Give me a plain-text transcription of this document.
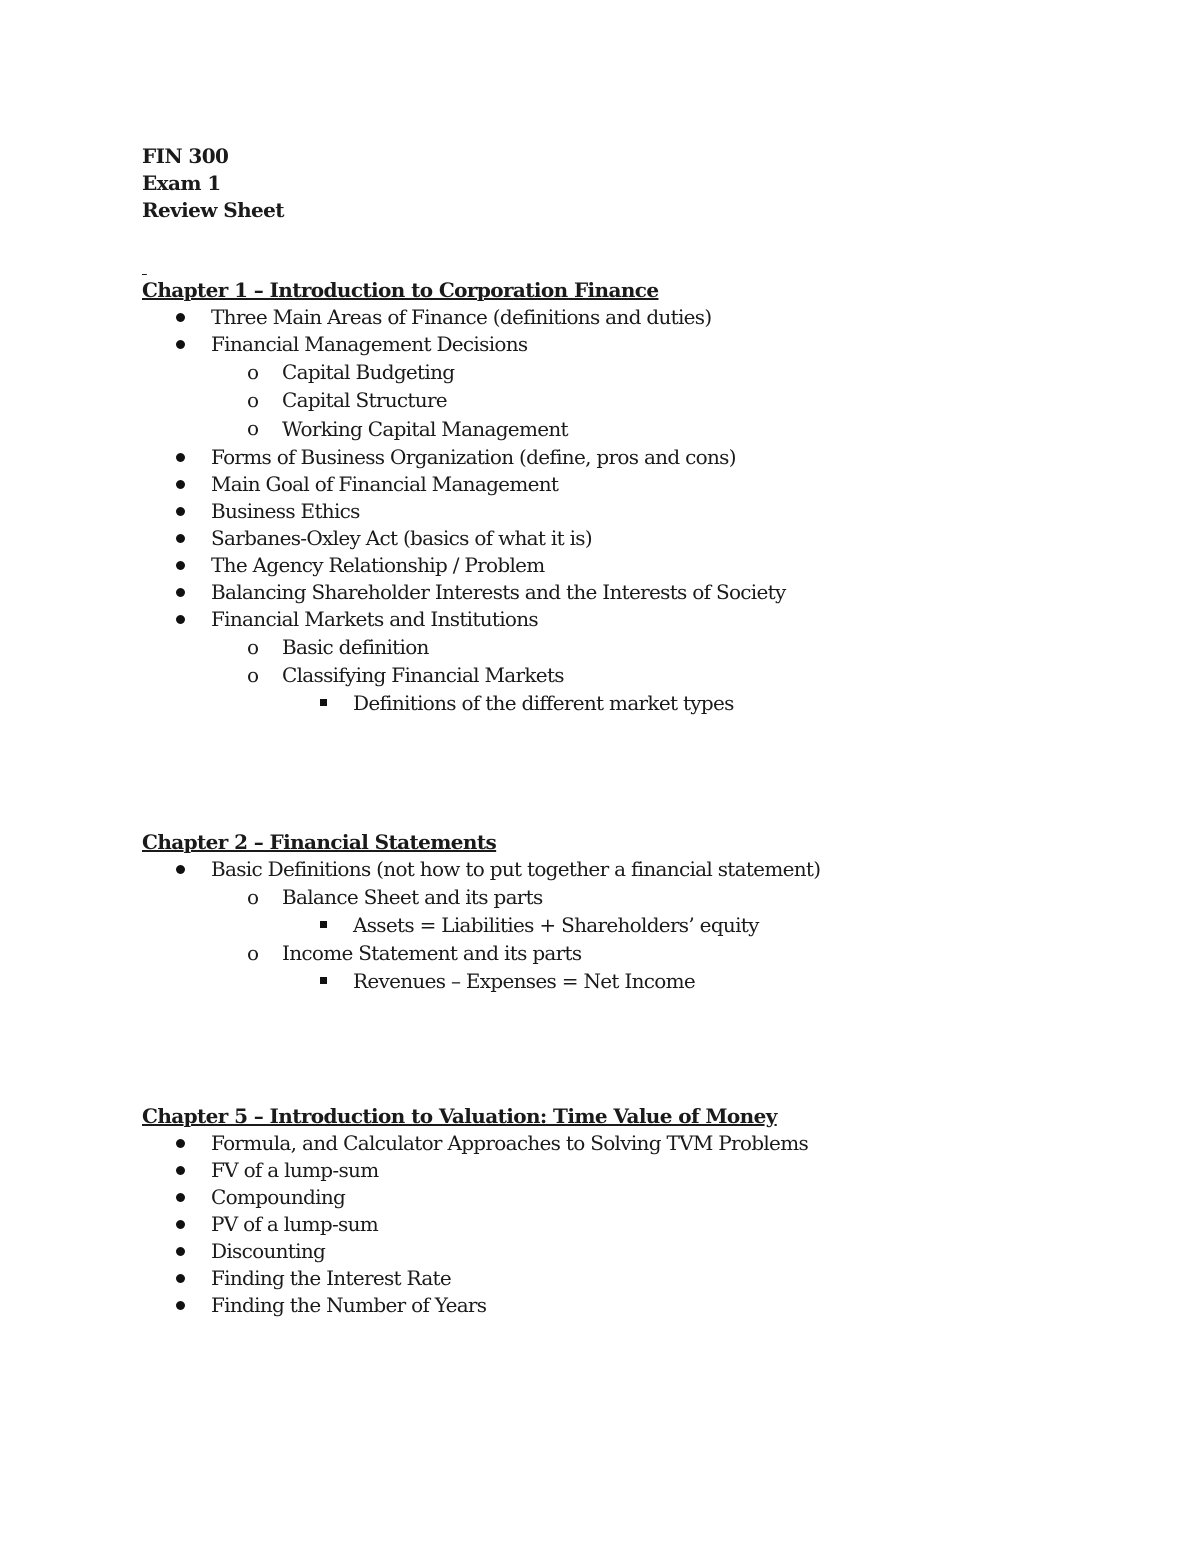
FIN 300
Exam 1
Review Sheet

Chapter 1 – Introduction to Corporation Finance
Three Main Areas of Finance (definitions and duties)
Financial Management Decisions
o Capital Budgeting
o Capital Structure
o Working Capital Management
Forms of Business Organization (define, pros and cons)
Main Goal of Financial Management
Business Ethics
Sarbanes-Oxley Act (basics of what it is)
The Agency Relationship / Problem
Balancing Shareholder Interests and the Interests of Society
Financial Markets and Institutions
o Basic definition
o Classifying Financial Markets
Definitions of the different market types
Chapter 2 – Financial Statements
Basic Definitions (not how to put together a financial statement)
o Balance Sheet and its parts
Assets = Liabilities + Shareholders’ equity
o Income Statement and its parts
Revenues – Expenses = Net Income
Chapter 5 – Introduction to Valuation: Time Value of Money
Formula, and Calculator Approaches to Solving TVM Problems
FV of a lump-sum
Compounding
PV of a lump-sum
Discounting
Finding the Interest Rate
Finding the Number of Years
